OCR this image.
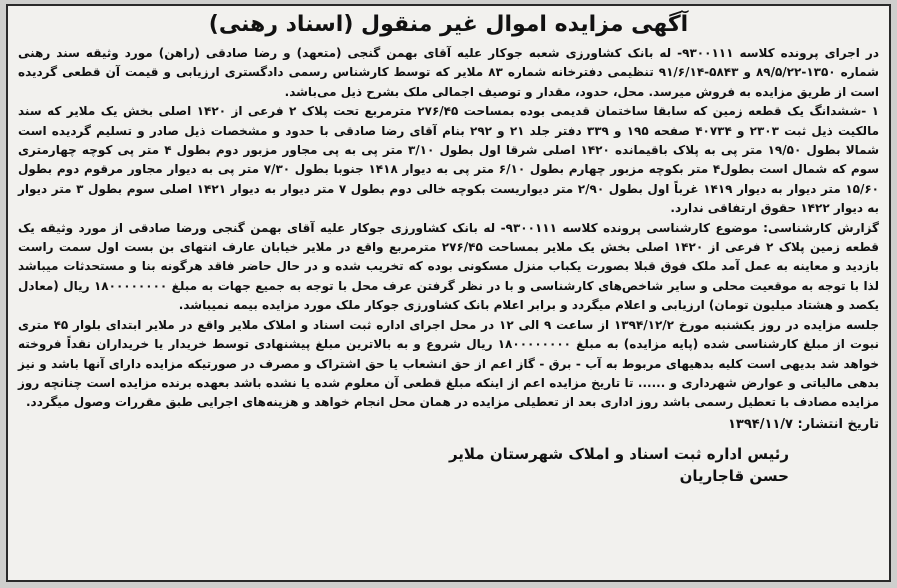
آگهی مزایده اموال غیر منقول (اسناد رهنی)

در اجرای پرونده کلاسه ۹۳۰۰۱۱۱- له بانک کشاورزی شعبه جوکار علیه آقای بهمن گنجی (متعهد) و رضا صادقی (راهن) مورد وثیقه سند رهنی شماره ۱۳۵۰-۸۹/۵/۲۲ و ۵۸۴۳-۹۱/۶/۱۴ تنظیمی دفترخانه شماره ۸۳ ملایر که توسط کارشناس رسمی دادگستری ارزیابی و قیمت آن قطعی گردیده است از طریق مزایده به فروش میرسد. محل، حدود، مقدار و توصیف اجمالی ملک بشرح ذیل می‌باشد.

۱ -ششدانگ یک قطعه زمین که سابقا ساختمان قدیمی بوده بمساحت ۲۷۶/۴۵ مترمربع تحت پلاک ۲ فرعی از ۱۴۲۰ اصلی بخش یک ملایر که سند مالکیت ذیل ثبت ۲۳۰۳ و ۴۰۷۳۴ صفحه ۱۹۵ و ۳۳۹ دفتر جلد ۲۱ و ۲۹۲ بنام آقای رضا صادقی با حدود و مشخصات ذیل صادر و تسلیم گردیده است شمالا بطول ۱۹/۵۰ متر پی به پلاک باقیمانده ۱۴۲۰ اصلی شرقا اول بطول ۳/۱۰ متر پی به پی مجاور مزبور دوم بطول ۴ متر پی کوچه چهارمتری سوم که شمال است بطول۴ متر بکوچه مزبور چهارم بطول ۶/۱۰ متر پی به دیوار ۱۴۱۸ جنوبا بطول ۷/۳۰ متر پی به دیوار مجاور مرقوم دوم بطول ۱۵/۶۰ متر دیوار به دیوار ۱۴۱۹ غرباً اول بطول ۲/۹۰ متر دیواریست بکوچه خالی دوم بطول ۷ متر دیوار به دیوار ۱۴۲۱ اصلی سوم بطول ۳ متر دیوار به دیوار ۱۴۲۲ حقوق ارتفاقی ندارد.

گزارش کارشناسی: موضوع کارشناسی پرونده کلاسه ۹۳۰۰۱۱۱- له بانک کشاورزی جوکار علیه آقای بهمن گنجی ورضا صادقی از مورد وثیقه یک قطعه زمین پلاک ۲ فرعی از ۱۴۲۰ اصلی بخش یک ملایر بمساحت ۲۷۶/۴۵ مترمربع واقع در ملایر خیابان عارف انتهای بن بست اول سمت راست بازدید و معاینه به عمل آمد ملک فوق قبلا بصورت یکباب منزل مسکونی بوده که تخریب شده و در حال حاضر فاقد هرگونه بنا و مستحدثات میباشد لذا با توجه به موقعیت محلی و سایر شاخص‌های کارشناسی و با در نظر گرفتن عرف محل با توجه به جمیع جهات به مبلغ ۱۸۰۰۰۰۰۰۰۰ ریال (معادل یکصد و هشتاد میلیون تومان) ارزیابی و اعلام میگردد و برابر اعلام بانک کشاورزی جوکار ملک مورد مزایده بیمه نمیباشد.

جلسه مزایده در روز یکشنبه مورخ ۱۳۹۴/۱۲/۲ از ساعت ۹ الی ۱۲ در محل اجرای اداره ثبت اسناد و املاک ملایر واقع در ملایر ابتدای بلوار ۴۵ متری نبوت از مبلغ کارشناسی شده (پایه مزایده) به مبلغ ۱۸۰۰۰۰۰۰۰۰ ریال شروع و به بالاترین مبلغ پیشنهادی توسط خریدار یا خریداران نقداً فروخته خواهد شد بدیهی است کلیه بدهیهای مربوط به آب - برق - گاز اعم از حق انشعاب یا حق اشتراک و مصرف در صورتیکه مزایده دارای آنها باشد و نیز بدهی مالیاتی و عوارض شهرداری و ...... تا تاریخ مزایده اعم از اینکه مبلغ قطعی آن معلوم شده یا نشده باشد بعهده برنده مزایده است چنانچه روز مزایده مصادف با تعطیل رسمی باشد روز اداری بعد از تعطیلی مزایده در همان محل انجام خواهد و هزینه‌های اجرایی طبق مقررات وصول میگردد.

تاریخ انتشار: ۱۳۹۴/۱۱/۷
رئیس اداره ثبت اسناد و املاک شهرستان ملایر
حسن قاجاریان
